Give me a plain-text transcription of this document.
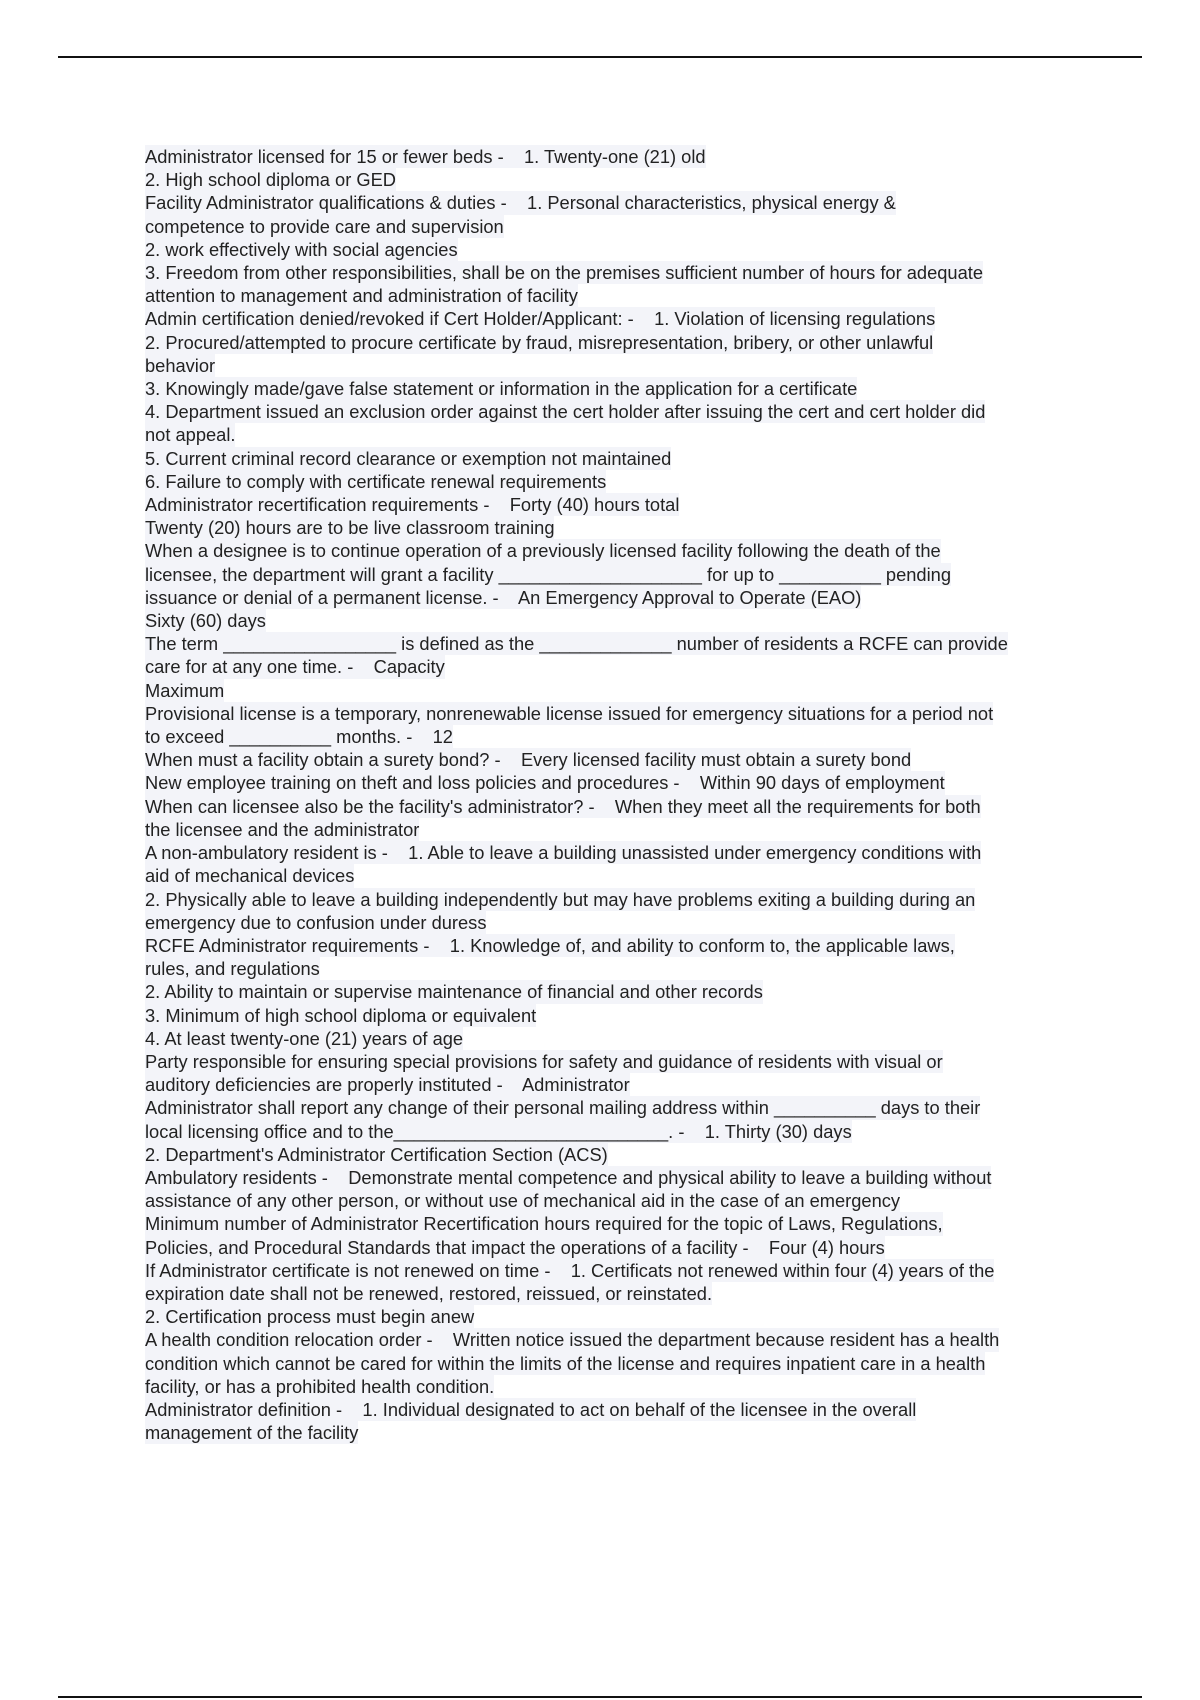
Administrator licensed for 15 or fewer beds -    1. Twenty-one (21) old
2. High school diploma or GED
Facility Administrator qualifications & duties -    1. Personal characteristics, physical energy &
competence to provide care and supervision
2. work effectively with social agencies
3. Freedom from other responsibilities, shall be on the premises sufficient number of hours for adequate
attention to management and administration of facility
Admin certification denied/revoked if Cert Holder/Applicant: -    1. Violation of licensing regulations
2. Procured/attempted to procure certificate by fraud, misrepresentation, bribery, or other unlawful
behavior
3. Knowingly made/gave false statement or information in the application for a certificate
4. Department issued an exclusion order against the cert holder after issuing the cert and cert holder did
not appeal.
5. Current criminal record clearance or exemption not maintained
6. Failure to comply with certificate renewal requirements
Administrator recertification requirements -    Forty (40) hours total
Twenty (20) hours are to be live classroom training
When a designee is to continue operation of a previously licensed facility following the death of the
licensee, the department will grant a facility ____________________ for up to __________ pending
issuance or denial of a permanent license. -    An Emergency Approval to Operate (EAO)
Sixty (60) days
The term _________________ is defined as the _____________ number of residents a RCFE can provide
care for at any one time. -    Capacity
Maximum
Provisional license is a temporary, nonrenewable license issued for emergency situations for a period not
to exceed __________ months. -    12
When must a facility obtain a surety bond? -    Every licensed facility must obtain a surety bond
New employee training on theft and loss policies and procedures -    Within 90 days of employment
When can licensee also be the facility's administrator? -    When they meet all the requirements for both
the licensee and the administrator
A non-ambulatory resident is -    1. Able to leave a building unassisted under emergency conditions with
aid of mechanical devices
2. Physically able to leave a building independently but may have problems exiting a building during an
emergency due to confusion under duress
RCFE Administrator requirements -    1. Knowledge of, and ability to conform to, the applicable laws,
rules, and regulations
2. Ability to maintain or supervise maintenance of financial and other records
3. Minimum of high school diploma or equivalent
4. At least twenty-one (21) years of age
Party responsible for ensuring special provisions for safety and guidance of residents with visual or
auditory deficiencies are properly instituted -    Administrator
Administrator shall report any change of their personal mailing address within __________ days to their
local licensing office and to the___________________________. -    1. Thirty (30) days
2. Department's Administrator Certification Section (ACS)
Ambulatory residents -    Demonstrate mental competence and physical ability to leave a building without
assistance of any other person, or without use of mechanical aid in the case of an emergency
Minimum number of Administrator Recertification hours required for the topic of Laws, Regulations,
Policies, and Procedural Standards that impact the operations of a facility -    Four (4) hours
If Administrator certificate is not renewed on time -    1. Certificats not renewed within four (4) years of the
expiration date shall not be renewed, restored, reissued, or reinstated.
2. Certification process must begin anew
A health condition relocation order -    Written notice issued the department because resident has a health
condition which cannot be cared for within the limits of the license and requires inpatient care in a health
facility, or has a prohibited health condition.
Administrator definition -    1. Individual designated to act on behalf of the licensee in the overall
management of the facility
